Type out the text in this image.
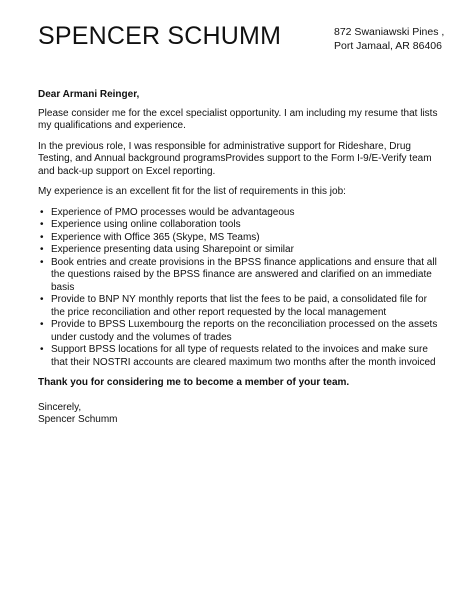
SPENCER SCHUMM	872 Swaniawski Pines ,
Port Jamaal, AR 86406

Dear Armani Reinger,

Please consider me for the excel specialist opportunity. I am including my resume that lists my qualifications and experience.

In the previous role, I was responsible for administrative support for Rideshare, Drug Testing, and Annual background programsProvides support to the Form I-9/E-Verify team and back-up support on Excel reporting.

My experience is an excellent fit for the list of requirements in this job:

• Experience of PMO processes would be advantageous
• Experience using online collaboration tools
• Experience with Office 365 (Skype, MS Teams)
• Experience presenting data using Sharepoint or similar
• Book entries and create provisions in the BPSS finance applications and ensure that all the questions raised by the BPSS finance are answered and clarified on an immediate basis
• Provide to BNP NY monthly reports that list the fees to be paid, a consolidated file for the price reconciliation and other report requested by the local management
• Provide to BPSS Luxembourg the reports on the reconciliation processed on the assets under custody and the volumes of trades
• Support BPSS locations for all type of requests related to the invoices and make sure that their NOSTRI accounts are cleared maximum two months after the month invoiced

Thank you for considering me to become a member of your team.

Sincerely,

Spencer Schumm
